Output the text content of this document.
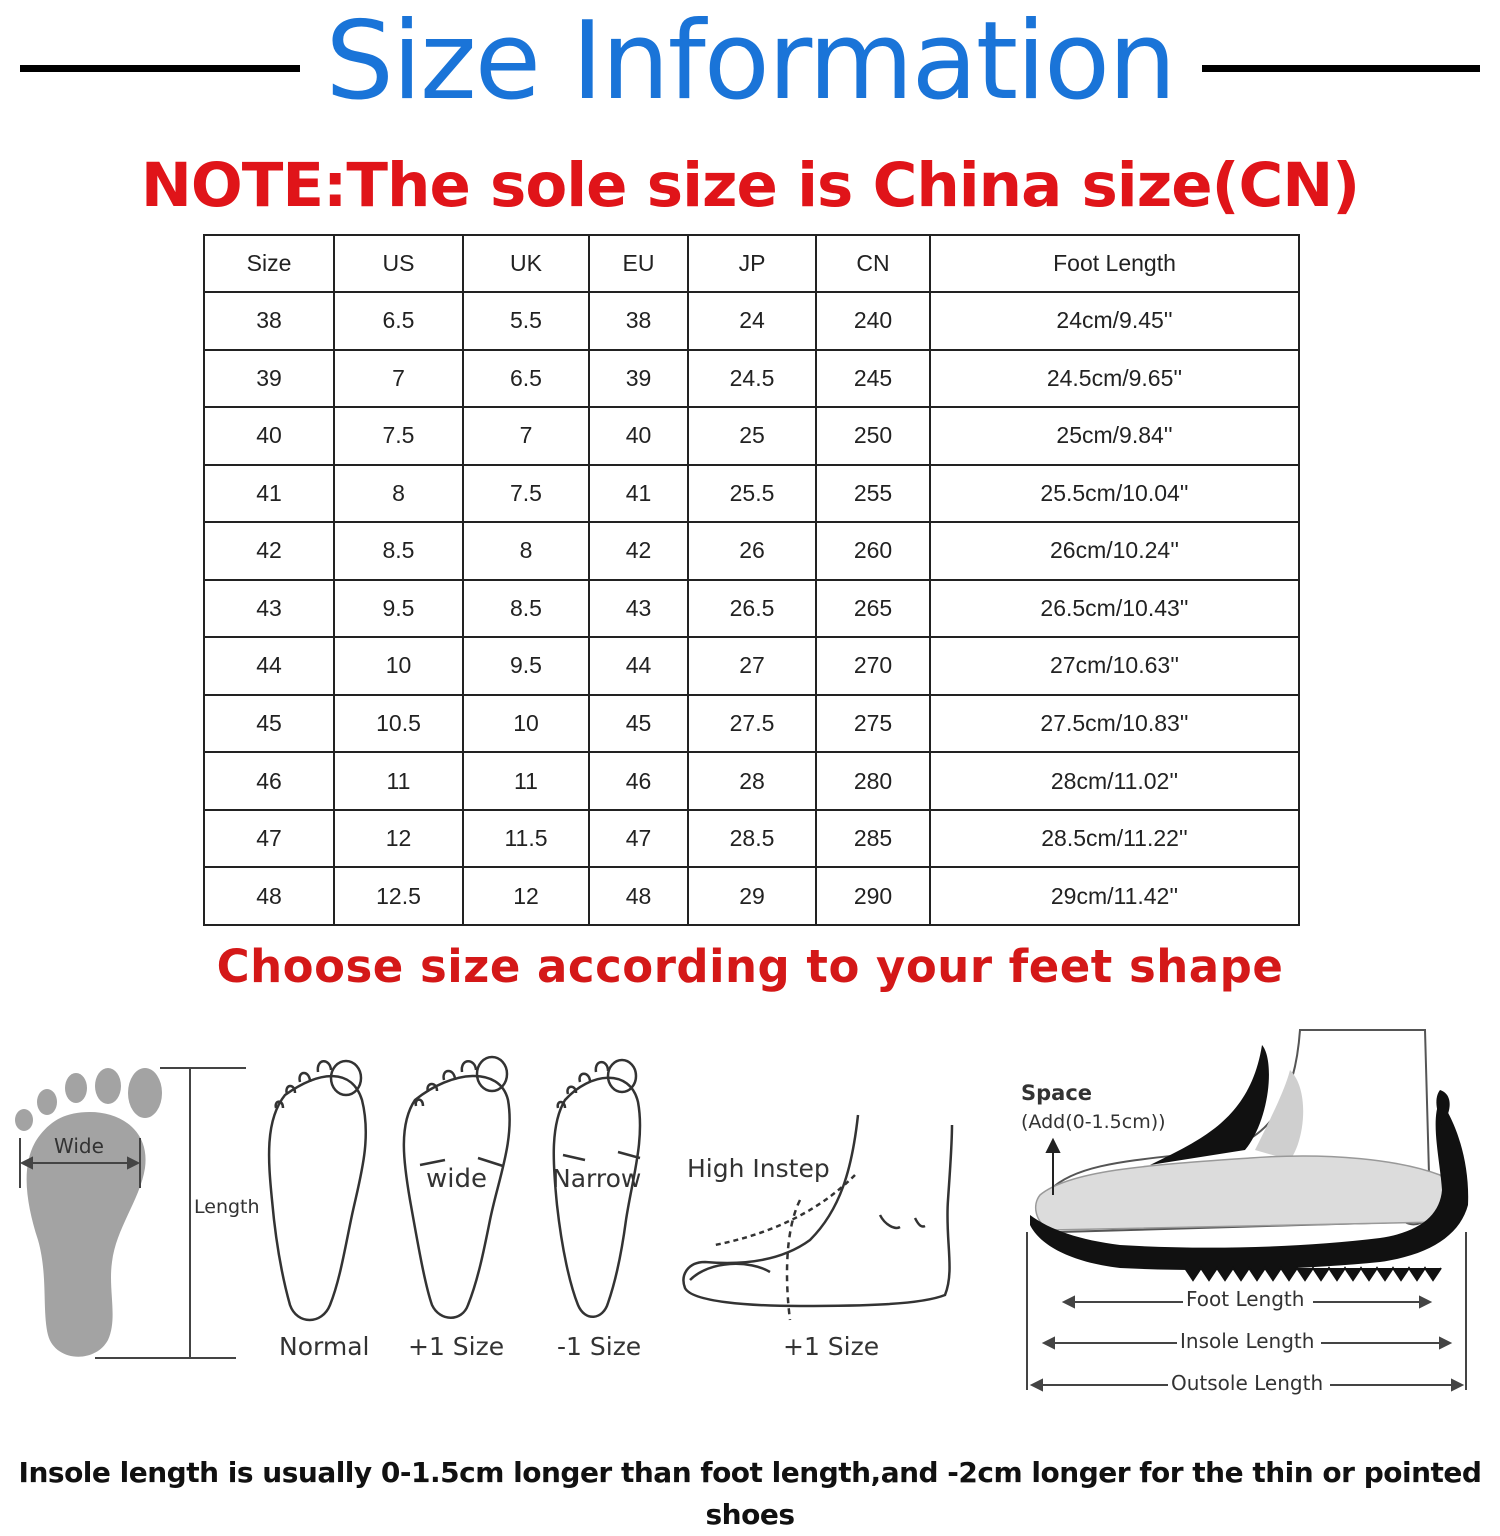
Size Information
NOTE:The sole size is China size(CN)
Size	US	UK	EU	JP	CN	Foot Length
38	6.5	5.5	38	24	240	24cm/9.45''
39	7	6.5	39	24.5	245	24.5cm/9.65''
40	7.5	7	40	25	250	25cm/9.84''
41	8	7.5	41	25.5	255	25.5cm/10.04''
42	8.5	8	42	26	260	26cm/10.24''
43	9.5	8.5	43	26.5	265	26.5cm/10.43''
44	10	9.5	44	27	270	27cm/10.63''
45	10.5	10	45	27.5	275	27.5cm/10.83''
46	11	11	46	28	280	28cm/11.02''
47	12	11.5	47	28.5	285	28.5cm/11.22''
48	12.5	12	48	29	290	29cm/11.42''
Choose size according to your feet shape
Wide
Length
Normal
wide
+1 Size
Narrow
-1 Size
High Instep
+1 Size
Space
(Add(0-1.5cm))
Foot Length
Insole Length
Outsole Length
Insole length is usually 0-1.5cm longer than foot length,and -2cm longer for the thin or pointed shoes
